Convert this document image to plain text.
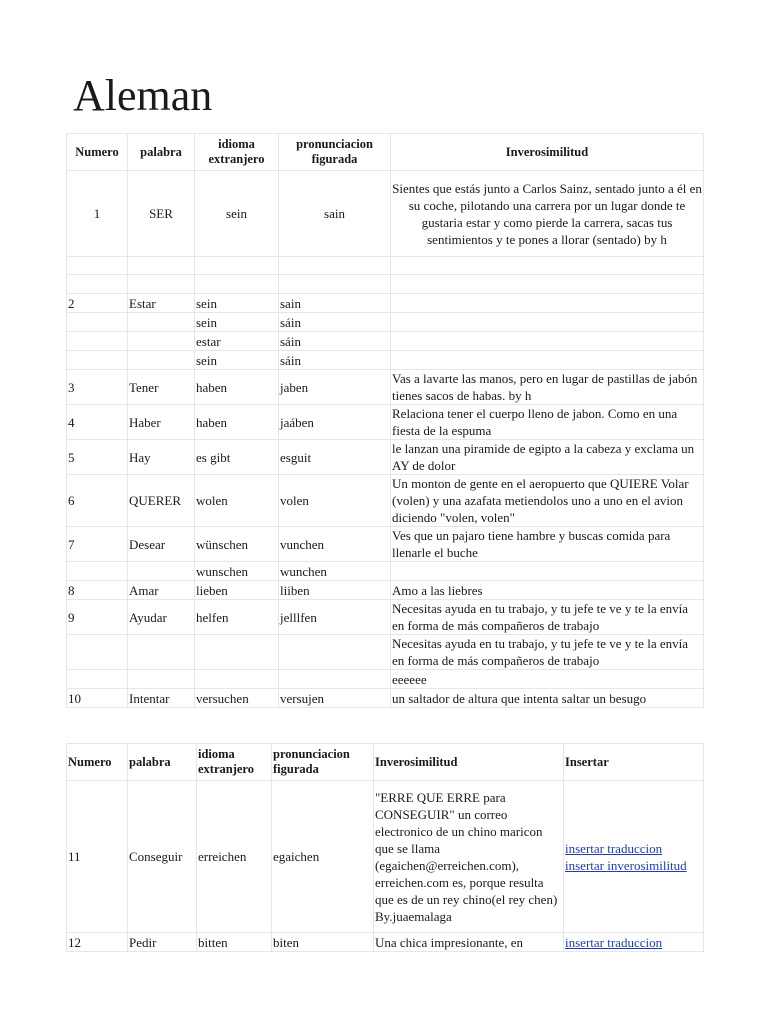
Aleman
Numero	palabra	idioma extranjero	pronunciacion figurada	Inverosimilitud
1	SER	sein	sain	Sientes que estás junto a Carlos Sainz, sentado junto a él en su coche, pilotando una carrera por un lugar donde te gustaria estar y como pierde la carrera, sacas tus sentimientos y te pones a llorar (sentado) by h

2	Estar	sein	sain	
		sein	sáin	
		estar	sáin	
		sein	sáin	
3	Tener	haben	jaben	Vas a lavarte las manos, pero en lugar de pastillas de jabón tienes sacos de habas. by h
4	Haber	haben	jaáben	Relaciona tener el cuerpo lleno de jabon. Como en una fiesta de la espuma
5	Hay	es gibt	esguit	le lanzan una piramide de egipto a la cabeza y exclama un AY de dolor
6	QUERER	wolen	volen	Un monton de gente en el aeropuerto que QUIERE Volar (volen) y una azafata metiendolos uno a uno en el avion diciendo "volen, volen"
7	Desear	wünschen	vunchen	Ves que un pajaro tiene hambre y buscas comida para llenarle el buche
		wunschen	wunchen	
8	Amar	lieben	liiben	Amo a las liebres
9	Ayudar	helfen	jelllfen	Necesitas ayuda en tu trabajo, y tu jefe te ve y te la envía en forma de más compañeros de trabajo
				Necesitas ayuda en tu trabajo, y tu jefe te ve y te la envía en forma de más compañeros de trabajo
				eeeeee
10	Intentar	versuchen	versujen	un saltador de altura que intenta saltar un besugo
Numero	palabra	idioma extranjero	pronunciacion figurada	Inverosimilitud	Insertar
11	Conseguir	erreichen	egaichen	"ERRE QUE ERRE para CONSEGUIR" un correo electronico de un chino maricon que se llama (egaichen@erreichen.com), erreichen.com es, porque resulta que es de un rey chino(el rey chen) By.juaemalaga	insertar traduccion
insertar inverosimilitud

12	Pedir	bitten	biten	Una chica impresionante, en	insertar traduccion
